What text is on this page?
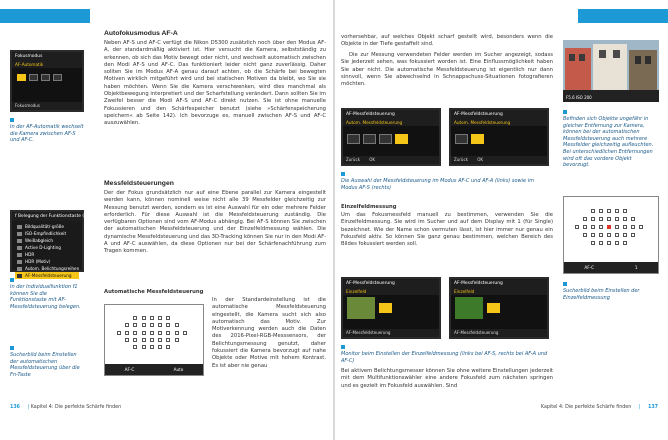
Fokusmodus
AF-Automatik
Fokusmodus
In der AF-Automatik wechselt die Kamera zwischen AF-S und AF-C.
f Belegung der Funktionstaste (Fn)
Bildqualität/-größe
ISO-Empfindlichkeit
Weißabgleich
Active D-Lighting
HDR
HDR (Motiv)
Autom. Belichtungsreihen
AF-Messfeldsteuerung
In der Individualfunktion f1 können Sie die Funktionstaste mit AF-Messfeldsteuerung belegen.
Sucherbild beim Einstellen der automatischen Messfeldsteuerung über die Fn-Taste
Autofokusmodus AF-A

Neben AF-S und AF-C verfügt die Nikon D5300 zusätzlich noch über den Modus AF-A, der standardmäßig aktiviert ist. Hier versucht die Kamera, selbstständig zu erkennen, ob sich das Motiv bewegt oder nicht, und wechselt automatisch zwischen den Modi AF-S und AF-C. Das funktioniert leider nicht ganz zuverlässig. Daher sollten Sie im Modus AF-A genau darauf achten, ob die Schärfe bei bewegten Motiven wirklich mitgeführt wird und bei statischen Motiven da bleibt, wo Sie sie haben möchten. Wenn Sie die Kamera verschwenken, wird dies manchmal als Objektbewegung interpretiert und der Scharfstellung verändert. Dann sollten Sie im Zweifel besser die Modi AF-S und AF-C direkt nutzen. Sie ist ohne manuelle Fokussieren und den Schärfespeicher benutzt (siehe »Schärfenspeicherung speichern« ab Seite 142). Ich bevorzuge es, manuell zwischen AF-S und AF-C auszuwählen.

Messfeldsteuerungen

Der der Fokus grundsätzlich nur auf eine Ebene parallel zur Kamera eingestellt werden kann, können nominell weise nicht alle 39 Messfelder gleichzeitig zur Messung benutzt werden, sondern es ist eine Auswahl für ein oder mehrere Felder erforderlich. Für diese Auswahl ist die Messfeldsteuerung zuständig. Die verfügbaren Optionen sind vom AF-Modus abhängig. Bei AF-S können Sie zwischen der automatischen Messfeldsteuerung und der Einzelfeldmessung wählen. Die dynamische Messfeldsteuerung und das 3D-Tracking können Sie nur in den Modi AF-A und AF-C auswählen, da diese Optionen nur bei der Schärfenachführung zum Tragen kommen.

Automatische Messfeldsteuerung

In der Standardeinstellung ist die automatische Messfeldsteuerung eingestellt, die Kamera sucht sich also automatisch das Motiv. Zur Motiverkennung werden auch die Daten des 2016-Pixel-RGB-Messsensors, der Belichtungsmessung genutzt, daher fokussiert die Kamera bevorzugt auf nahe Objekte oder Motive mit hohem Kontrast. Es ist aber nie genau

AF-C	Auto
136 | Kapitel 4: Die perfekte Schärfe finden

vorhersehbar, auf welches Objekt scharf gestellt wird, besonders wenn die Objekte in der Tiefe gestaffelt sind.

Die zur Messung verwendeten Felder werden im Sucher angezeigt, sodass Sie jederzeit sehen, was fokussiert worden ist. Eine Einflussmöglichkeit haben Sie aber nicht. Die automatische Messfeldsteuerung ist eigentlich nur dann sinnvoll, wenn Sie abwechselnd in Schnappschuss-Situationen fotografieren möchten.

AF-Messfeldsteuerung
Autom. Messfeldsteuerung
Zurück OK
AF-Messfeldsteuerung
Autom. Messfeldsteuerung
Zurück OK
Die Auswahl der Messfeldsteuerung im Modus AF-C und AF-A (links) sowie im Modus AF-S (rechts)
Einzelfeldmessung

Um das Fokusmessfeld manuell zu bestimmen, verwenden Sie die Einzelfeldmessung. Sie wird im Sucher und auf dem Display mit 1 (für Single) bezeichnet. Wie der Name schon vermuten lässt, ist hier immer nur genau ein Fokusfeld aktiv. So können Sie ganz genau bestimmen, welchen Bereich des Bildes fokussiert werden soll.

AF-Messfeldsteuerung
Einzelfeld
AF-Messfeldsteuerung
AF-Messfeldsteuerung
Einzelfeld
AF-Messfeldsteuerung
Monitor beim Einstellen der Einzelfeldmessung (links bei AF-S, rechts bei AF-A und AF-C)

Bei aktivem Belichtungsmesser können Sie ohne weitere Einstellungen jederzeit mit dem Multifunktionswähler eine andere Fokusfeld zum nächsten springen und es gezielt im Fokusfeld auswählen. Sind

F5.6 ISO 200
Befinden sich Objekte ungefähr in gleicher Entfernung zur Kamera, können bei der automatischen Messfeldsteuerung auch mehrere Messfelder gleichzeitig aufleuchten. Bei unterschiedlichen Entfernungen wird oft das vordere Objekt bevorzugt.
AF-C	1
Sucherbild beim Einstellen der Einzelfeldmessung
Kapitel 4: Die perfekte Schärfe finden | 137
